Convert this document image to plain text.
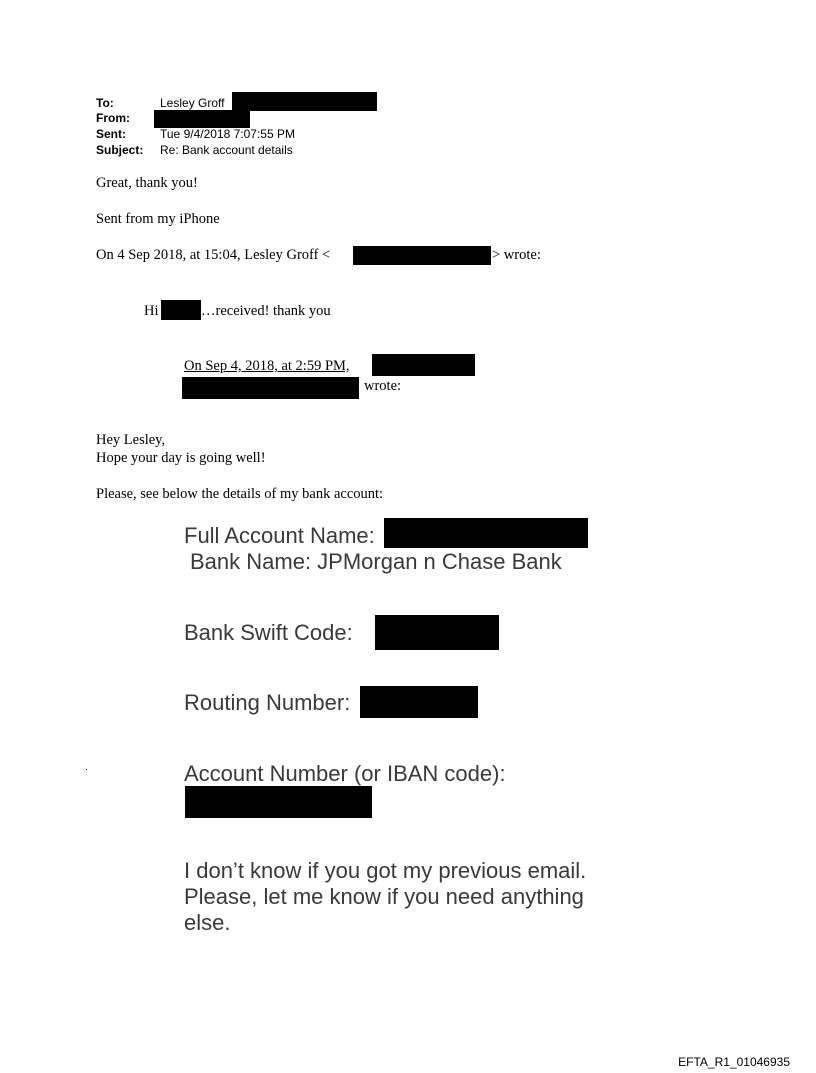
To:	Lesley Groff
From:
Sent:	Tue 9/4/2018 7:07:55 PM
Subject: Re: Bank account details
Great, thank you!
Sent from my iPhone
On 4 Sep 2018, at 15:04, Lesley Groff <	> wrote:
Hi	…received! thank you
On Sep 4, 2018, at 2:59 PM,
wrote:
Hey Lesley,
Hope your day is going well!
Please, see below the details of my bank account:
Full Account Name:
Bank Name: JPMorgan n Chase Bank
Bank Swift Code:
Routing Number:
Account Number (or IBAN code):
I don’t know if you got my previous email.
Please, let me know if you need anything
else.
EFTA_R1_01046935
